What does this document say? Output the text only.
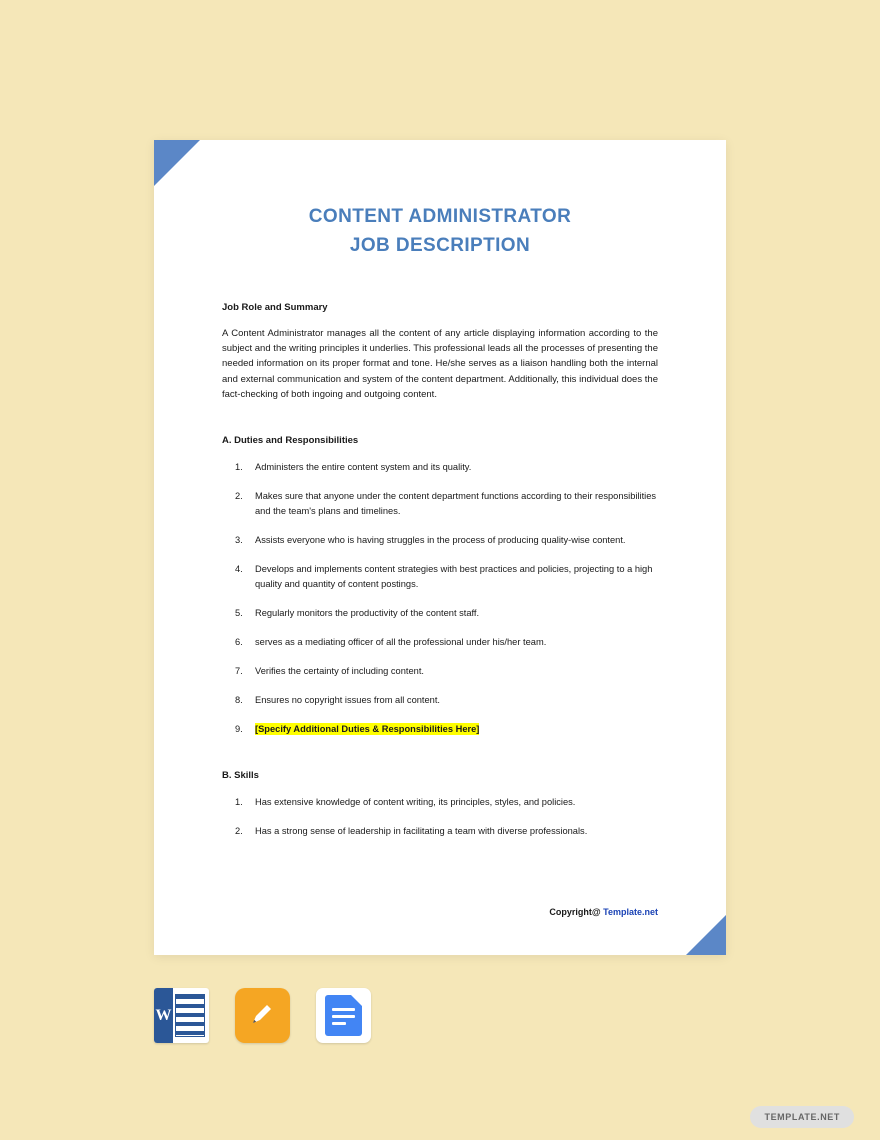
CONTENT ADMINISTRATOR
JOB DESCRIPTION
Job Role and Summary

A Content Administrator manages all the content of any article displaying information according to the subject and the writing principles it underlies. This professional leads all the processes of presenting the needed information on its proper format and tone. He/she serves as a liaison handling both the internal and external communication and system of the content department. Additionally, this individual does the fact-checking of both ingoing and outgoing content.

A. Duties and Responsibilities
1. Administers the entire content system and its quality.
2. Makes sure that anyone under the content department functions according to their responsibilities and the team's plans and timelines.
3. Assists everyone who is having struggles in the process of producing quality-wise content.
4. Develops and implements content strategies with best practices and policies, projecting to a high quality and quantity of content postings.
5. Regularly monitors the productivity of the content staff.
6. serves as a mediating officer of all the professional under his/her team.
7. Verifies the certainty of including content.
8. Ensures no copyright issues from all content.
9. [Specify Additional Duties & Responsibilities Here]
B. Skills
1. Has extensive knowledge of content writing, its principles, styles, and policies.
2. Has a strong sense of leadership in facilitating a team with diverse professionals.
Copyright@ Template.net
W
TEMPLATE.NET
